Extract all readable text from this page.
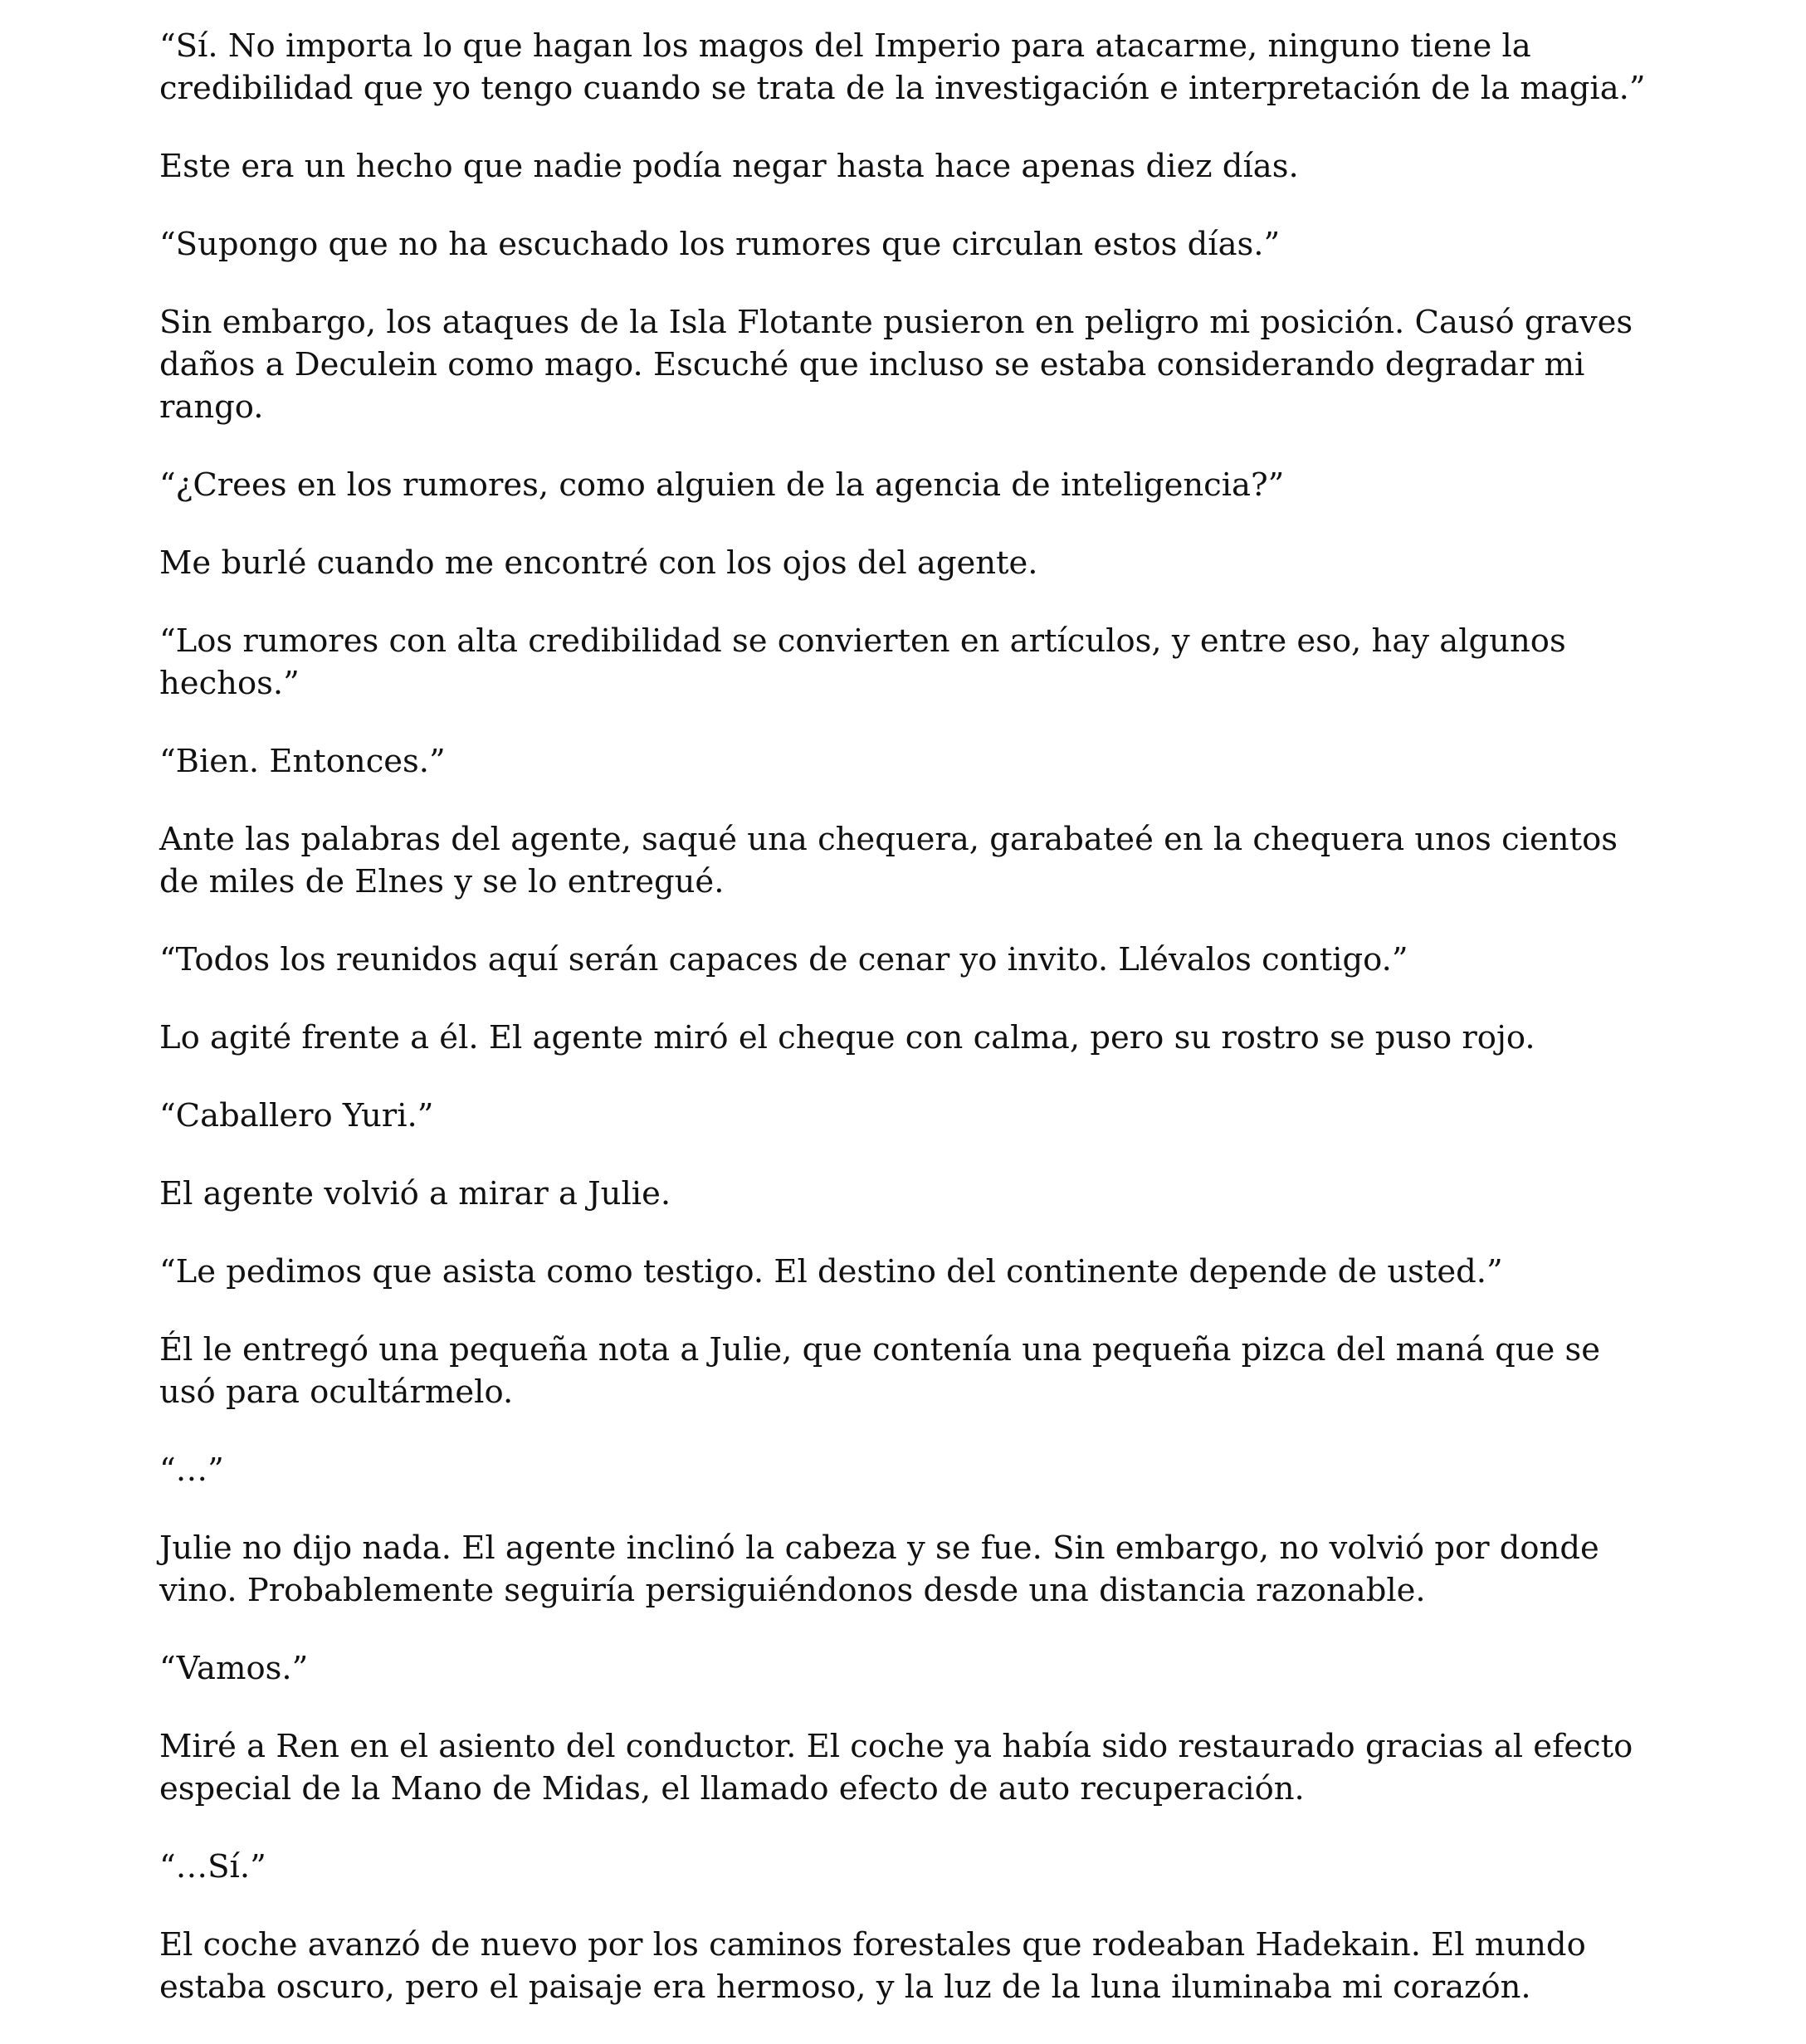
“Sí. No importa lo que hagan los magos del Imperio para atacarme, ninguno tiene la credibilidad que yo tengo cuando se trata de la investigación e interpretación de la magia.”

Este era un hecho que nadie podía negar hasta hace apenas diez días.

“Supongo que no ha escuchado los rumores que circulan estos días.”

Sin embargo, los ataques de la Isla Flotante pusieron en peligro mi posición. Causó graves daños a Deculein como mago. Escuché que incluso se estaba considerando degradar mi rango.

“¿Crees en los rumores, como alguien de la agencia de inteligencia?”

Me burlé cuando me encontré con los ojos del agente.

“Los rumores con alta credibilidad se convierten en artículos, y entre eso, hay algunos hechos.”

“Bien. Entonces.”

Ante las palabras del agente, saqué una chequera, garabateé en la chequera unos cientos de miles de Elnes y se lo entregué.

“Todos los reunidos aquí serán capaces de cenar yo invito. Llévalos contigo.”

Lo agité frente a él. El agente miró el cheque con calma, pero su rostro se puso rojo.

“Caballero Yuri.”

El agente volvió a mirar a Julie.

“Le pedimos que asista como testigo. El destino del continente depende de usted.”

Él le entregó una pequeña nota a Julie, que contenía una pequeña pizca del maná que se usó para ocultármelo.

“…”

Julie no dijo nada. El agente inclinó la cabeza y se fue. Sin embargo, no volvió por donde vino. Probablemente seguiría persiguiéndonos desde una distancia razonable.

“Vamos.”

Miré a Ren en el asiento del conductor. El coche ya había sido restaurado gracias al efecto especial de la Mano de Midas, el llamado efecto de auto recuperación.

“…Sí.”

El coche avanzó de nuevo por los caminos forestales que rodeaban Hadekain. El mundo estaba oscuro, pero el paisaje era hermoso, y la luz de la luna iluminaba mi corazón.
